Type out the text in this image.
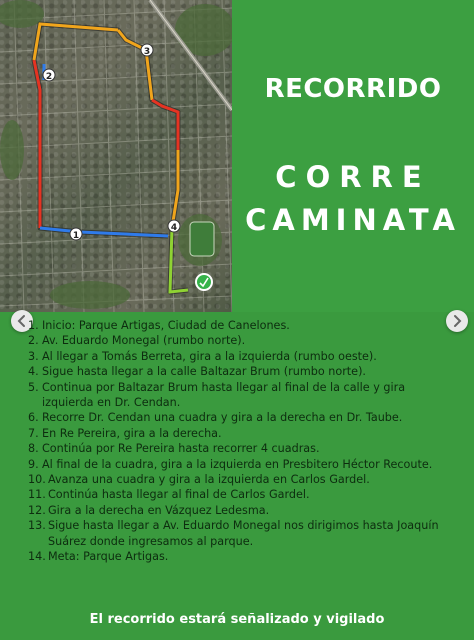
1
2
3
4
RECORRIDO
CORRE
CAMINATA
1. Inicio: Parque Artigas, Ciudad de Canelones.
2. Av. Eduardo Monegal (rumbo norte).
3. Al llegar a Tomás Berreta, gira a la izquierda (rumbo oeste).
4. Sigue hasta llegar a la calle Baltazar Brum (rumbo norte).
5. Continua por Baltazar Brum hasta llegar al final de la calle y gira izquierda en Dr. Cendan.
6. Recorre Dr. Cendan una cuadra y gira a la derecha en Dr. Taube.
7. En Re Pereira, gira a la derecha.
8. Continúa por Re Pereira hasta recorrer 4 cuadras.
9. Al final de la cuadra, gira a la izquierda en Presbitero Héctor Recoute.
10. Avanza una cuadra y gira a la izquierda en Carlos Gardel.
11. Continúa hasta llegar al final de Carlos Gardel.
12. Gira a la derecha en Vázquez Ledesma.
13. Sigue hasta llegar a Av. Eduardo Monegal nos dirigimos hasta Joaquín Suárez donde ingresamos al parque.
14. Meta: Parque Artigas.
El recorrido estará señalizado y vigilado
